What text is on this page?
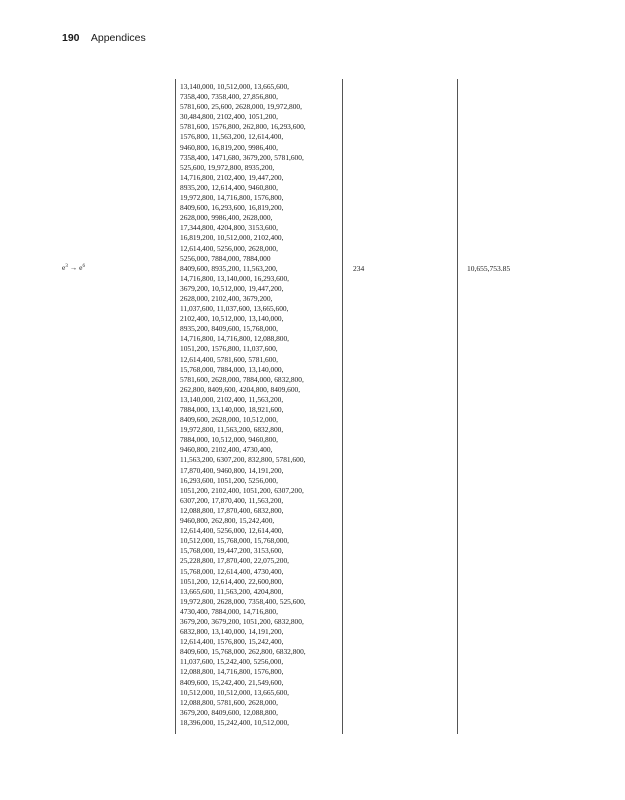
190 Appendices
$e^3 \to e^6$
13,140,000, 10,512,000, 13,665,600,
7358,400, 7358,400, 27,856,800,
5781,600, 25,600, 2628,000, 19,972,800,
30,484,800, 2102,400, 1051,200,
5781,600, 1576,800, 262,800, 16,293,600,
1576,800, 11,563,200, 12,614,400,
9460,800, 16,819,200, 9986,400,
7358,400, 1471,680, 3679,200, 5781,600,
525,600, 19,972,800, 8935,200,
14,716,800, 2102,400, 19,447,200,
8935,200, 12,614,400, 9460,800,
19,972,800, 14,716,800, 1576,800,
8409,600, 16,293,600, 16,819,200,
2628,000, 9986,400, 2628,000,
17,344,800, 4204,800, 3153,600,
16,819,200, 10,512,000, 2102,400,
12,614,400, 5256,000, 2628,000,
5256,000, 7884,000, 7884,000
8409,600, 8935,200, 11,563,200,
14,716,800, 13,140,000, 16,293,600,
3679,200, 10,512,000, 19,447,200,
2628,000, 2102,400, 3679,200,
11,037,600, 11,037,600, 13,665,600,
2102,400, 10,512,000, 13,140,000,
8935,200, 8409,600, 15,768,000,
14,716,800, 14,716,800, 12,088,800,
1051,200, 1576,800, 11,037,600,
12,614,400, 5781,600, 5781,600,
15,768,000, 7884,000, 13,140,000,
5781,600, 2628,000, 7884,000, 6832,800,
262,800, 8409,600, 4204,800, 8409,600,
13,140,000, 2102,400, 11,563,200,
7884,000, 13,140,000, 18,921,600,
8409,600, 2628,000, 10,512,000,
19,972,800, 11,563,200, 6832,800,
7884,000, 10,512,000, 9460,800,
9460,800, 2102,400, 4730,400,
11,563,200, 6307,200, 832,800, 5781,600,
17,870,400, 9460,800, 14,191,200,
16,293,600, 1051,200, 5256,000,
1051,200, 2102,400, 1051,200, 6307,200,
6307,200, 17,870,400, 11,563,200,
12,088,800, 17,870,400, 6832,800,
9460,800, 262,800, 15,242,400,
12,614,400, 5256,000, 12,614,400,
10,512,000, 15,768,000, 15,768,000,
15,768,000, 19,447,200, 3153,600,
25,228,800, 17,870,400, 22,075,200,
15,768,000, 12,614,400, 4730,400,
1051,200, 12,614,400, 22,600,800,
13,665,600, 11,563,200, 4204,800,
19,972,800, 2628,000, 7358,400, 525,600,
4730,400, 7884,000, 14,716,800,
3679,200, 3679,200, 1051,200, 6832,800,
6832,800, 13,140,000, 14,191,200,
12,614,400, 1576,800, 15,242,400,
8409,600, 15,768,000, 262,800, 6832,800,
11,037,600, 15,242,400, 5256,000,
12,088,800, 14,716,800, 1576,800,
8409,600, 15,242,400, 21,549,600,
10,512,000, 10,512,000, 13,665,600,
12,088,800, 5781,600, 2628,000,
3679,200, 8409,600, 12,088,800,
18,396,000, 15,242,400, 10,512,000,
234	10,655,753.85
